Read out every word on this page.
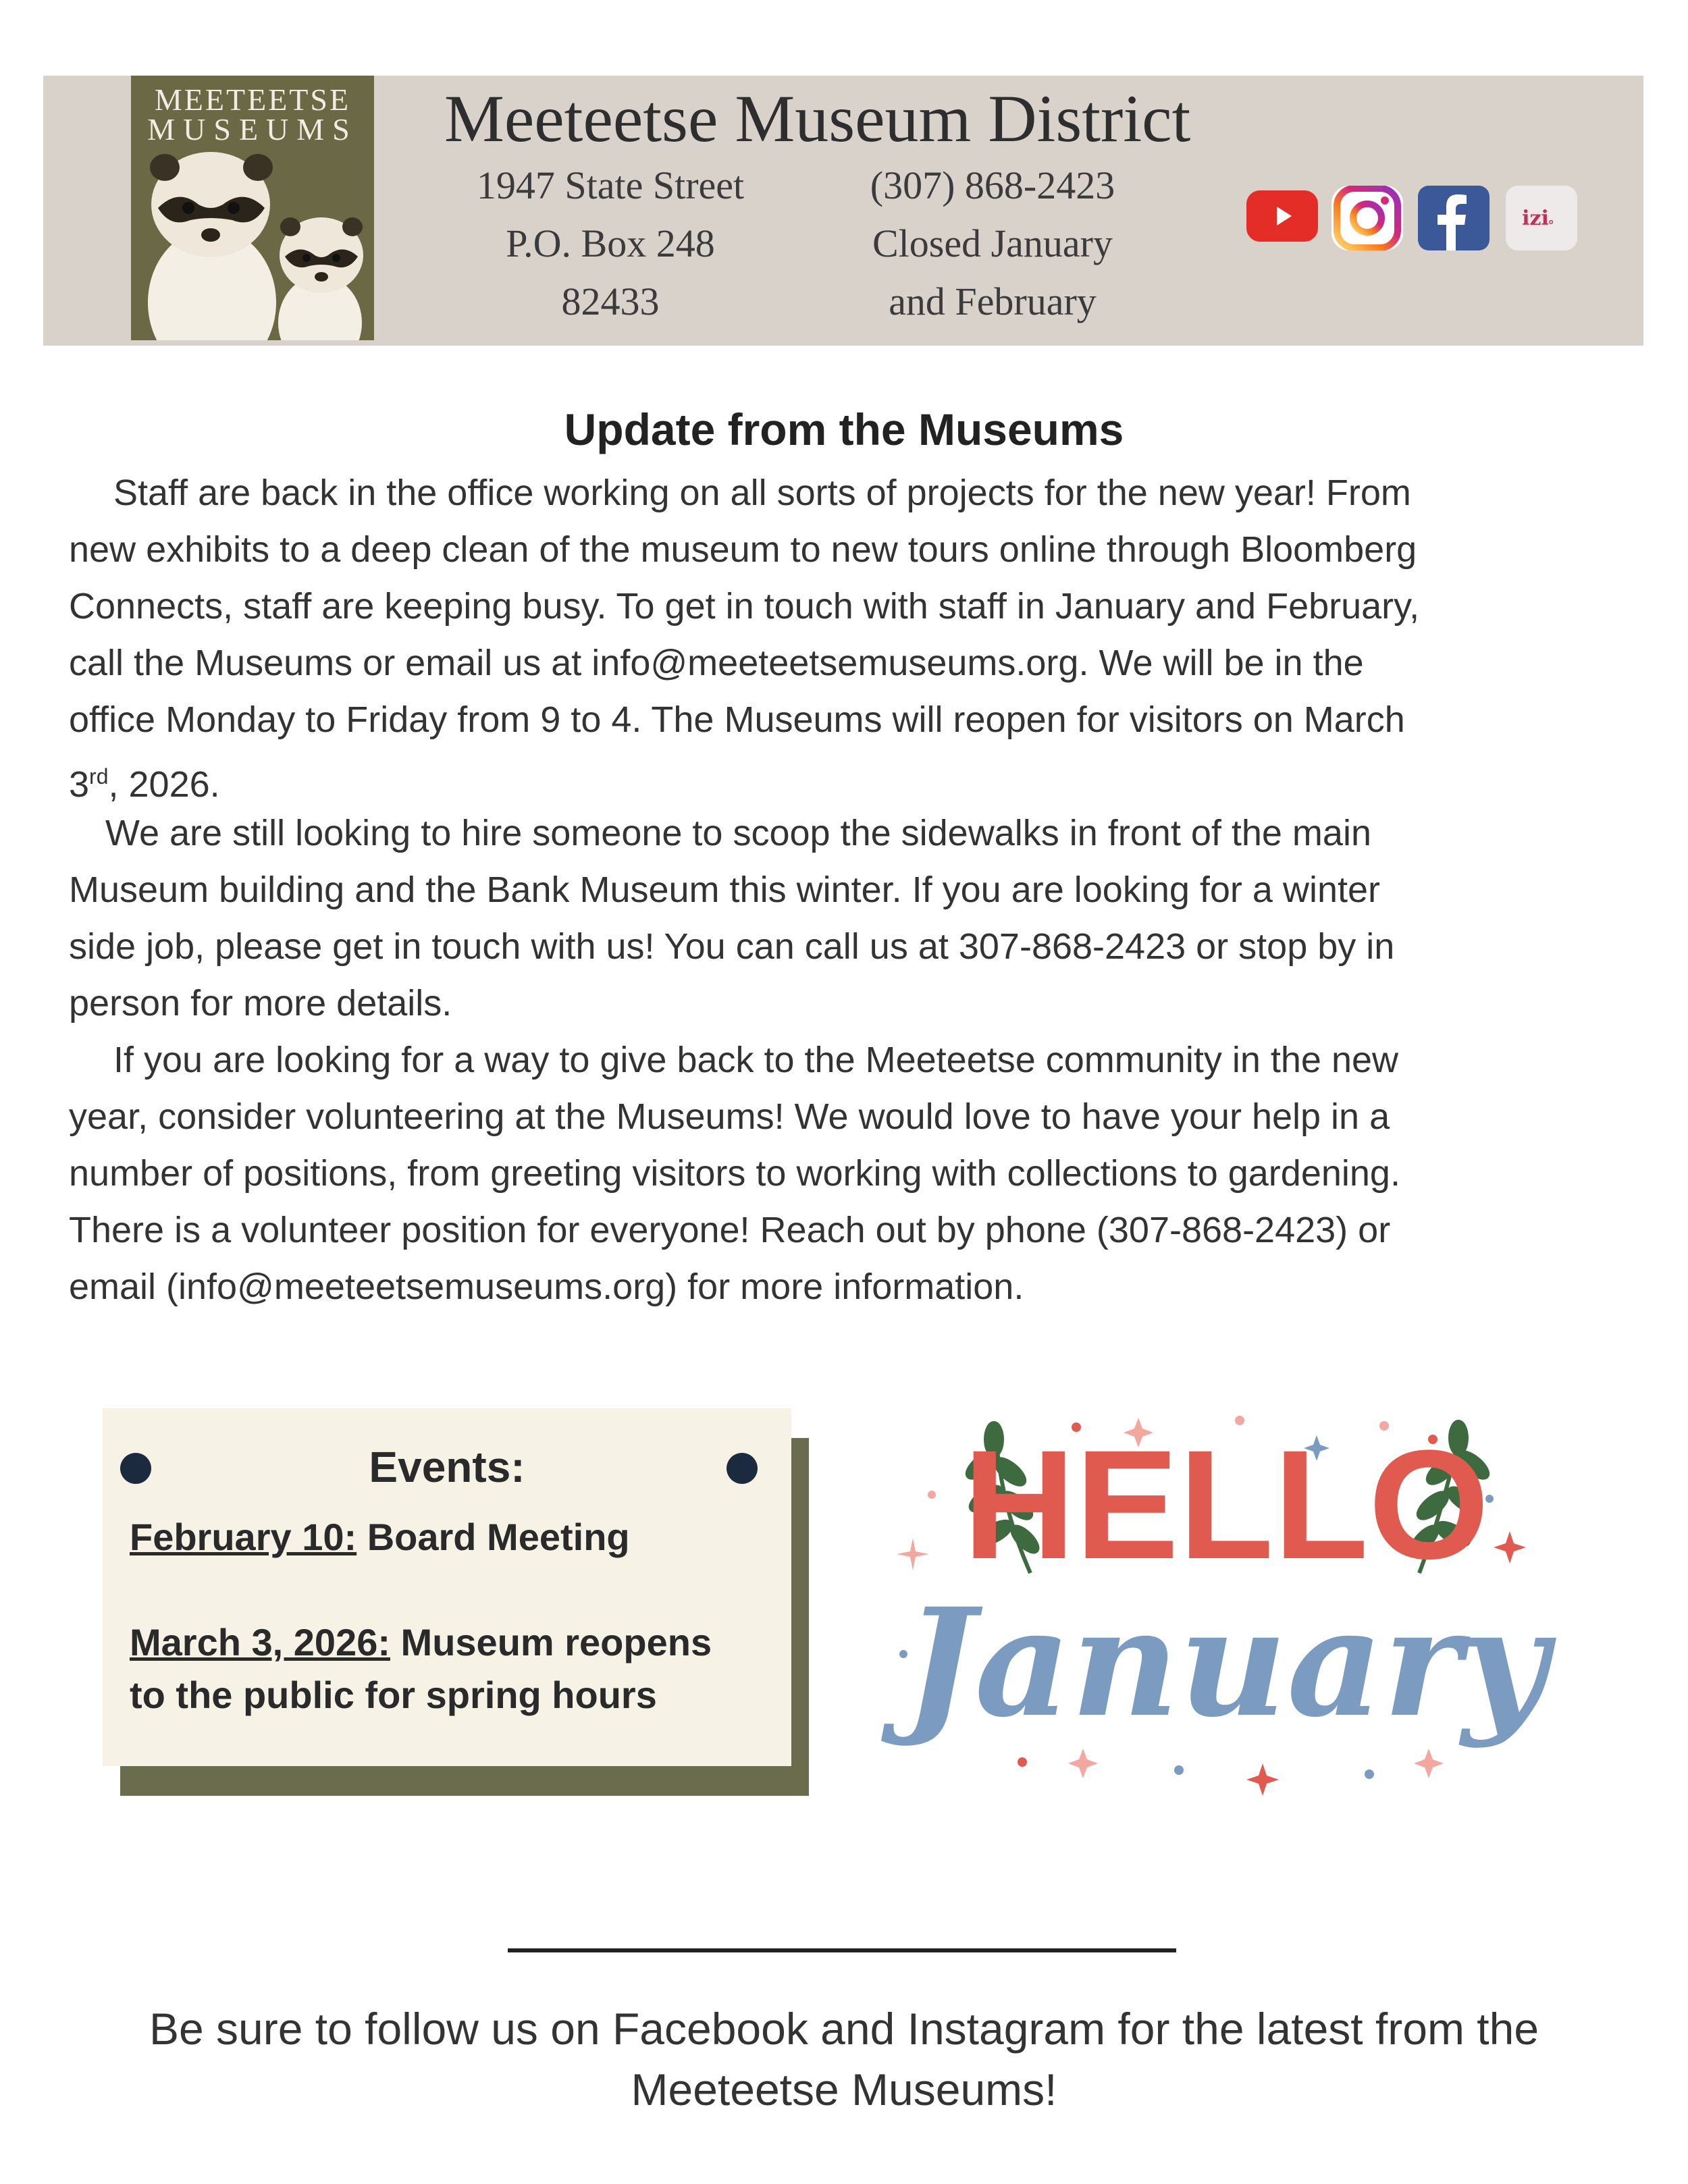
MEETEETSE
MUSEUMS Meeteetse Museum District
1947 State Street
P.O. Box 248
82433
(307) 868-2423
Closed January
and February
izi 。
Update from the Museums
Staff are back in the office working on all sorts of projects for the new year! From
new exhibits to a deep clean of the museum to new tours online through Bloomberg
Connects, staff are keeping busy. To get in touch with staff in January and February,
call the Museums or email us at info@meeteetsemuseums.org. We will be in the
office Monday to Friday from 9 to 4. The Museums will reopen for visitors on March
3rd, 2026.
We are still looking to hire someone to scoop the sidewalks in front of the main
Museum building and the Bank Museum this winter. If you are looking for a winter
side job, please get in touch with us! You can call us at 307-868-2423 or stop by in
person for more details.
If you are looking for a way to give back to the Meeteetse community in the new
year, consider volunteering at the Museums! We would love to have your help in a
number of positions, from greeting visitors to working with collections to gardening.
There is a volunteer position for everyone! Reach out by phone (307-868-2423) or
email (info@meeteetsemuseums.org) for more information.
Events:
February 10: Board Meeting
March 3, 2026: Museum reopens
to the public for spring hours
HELLO
January
Be sure to follow us on Facebook and Instagram for the latest from the
Meeteetse Museums!
